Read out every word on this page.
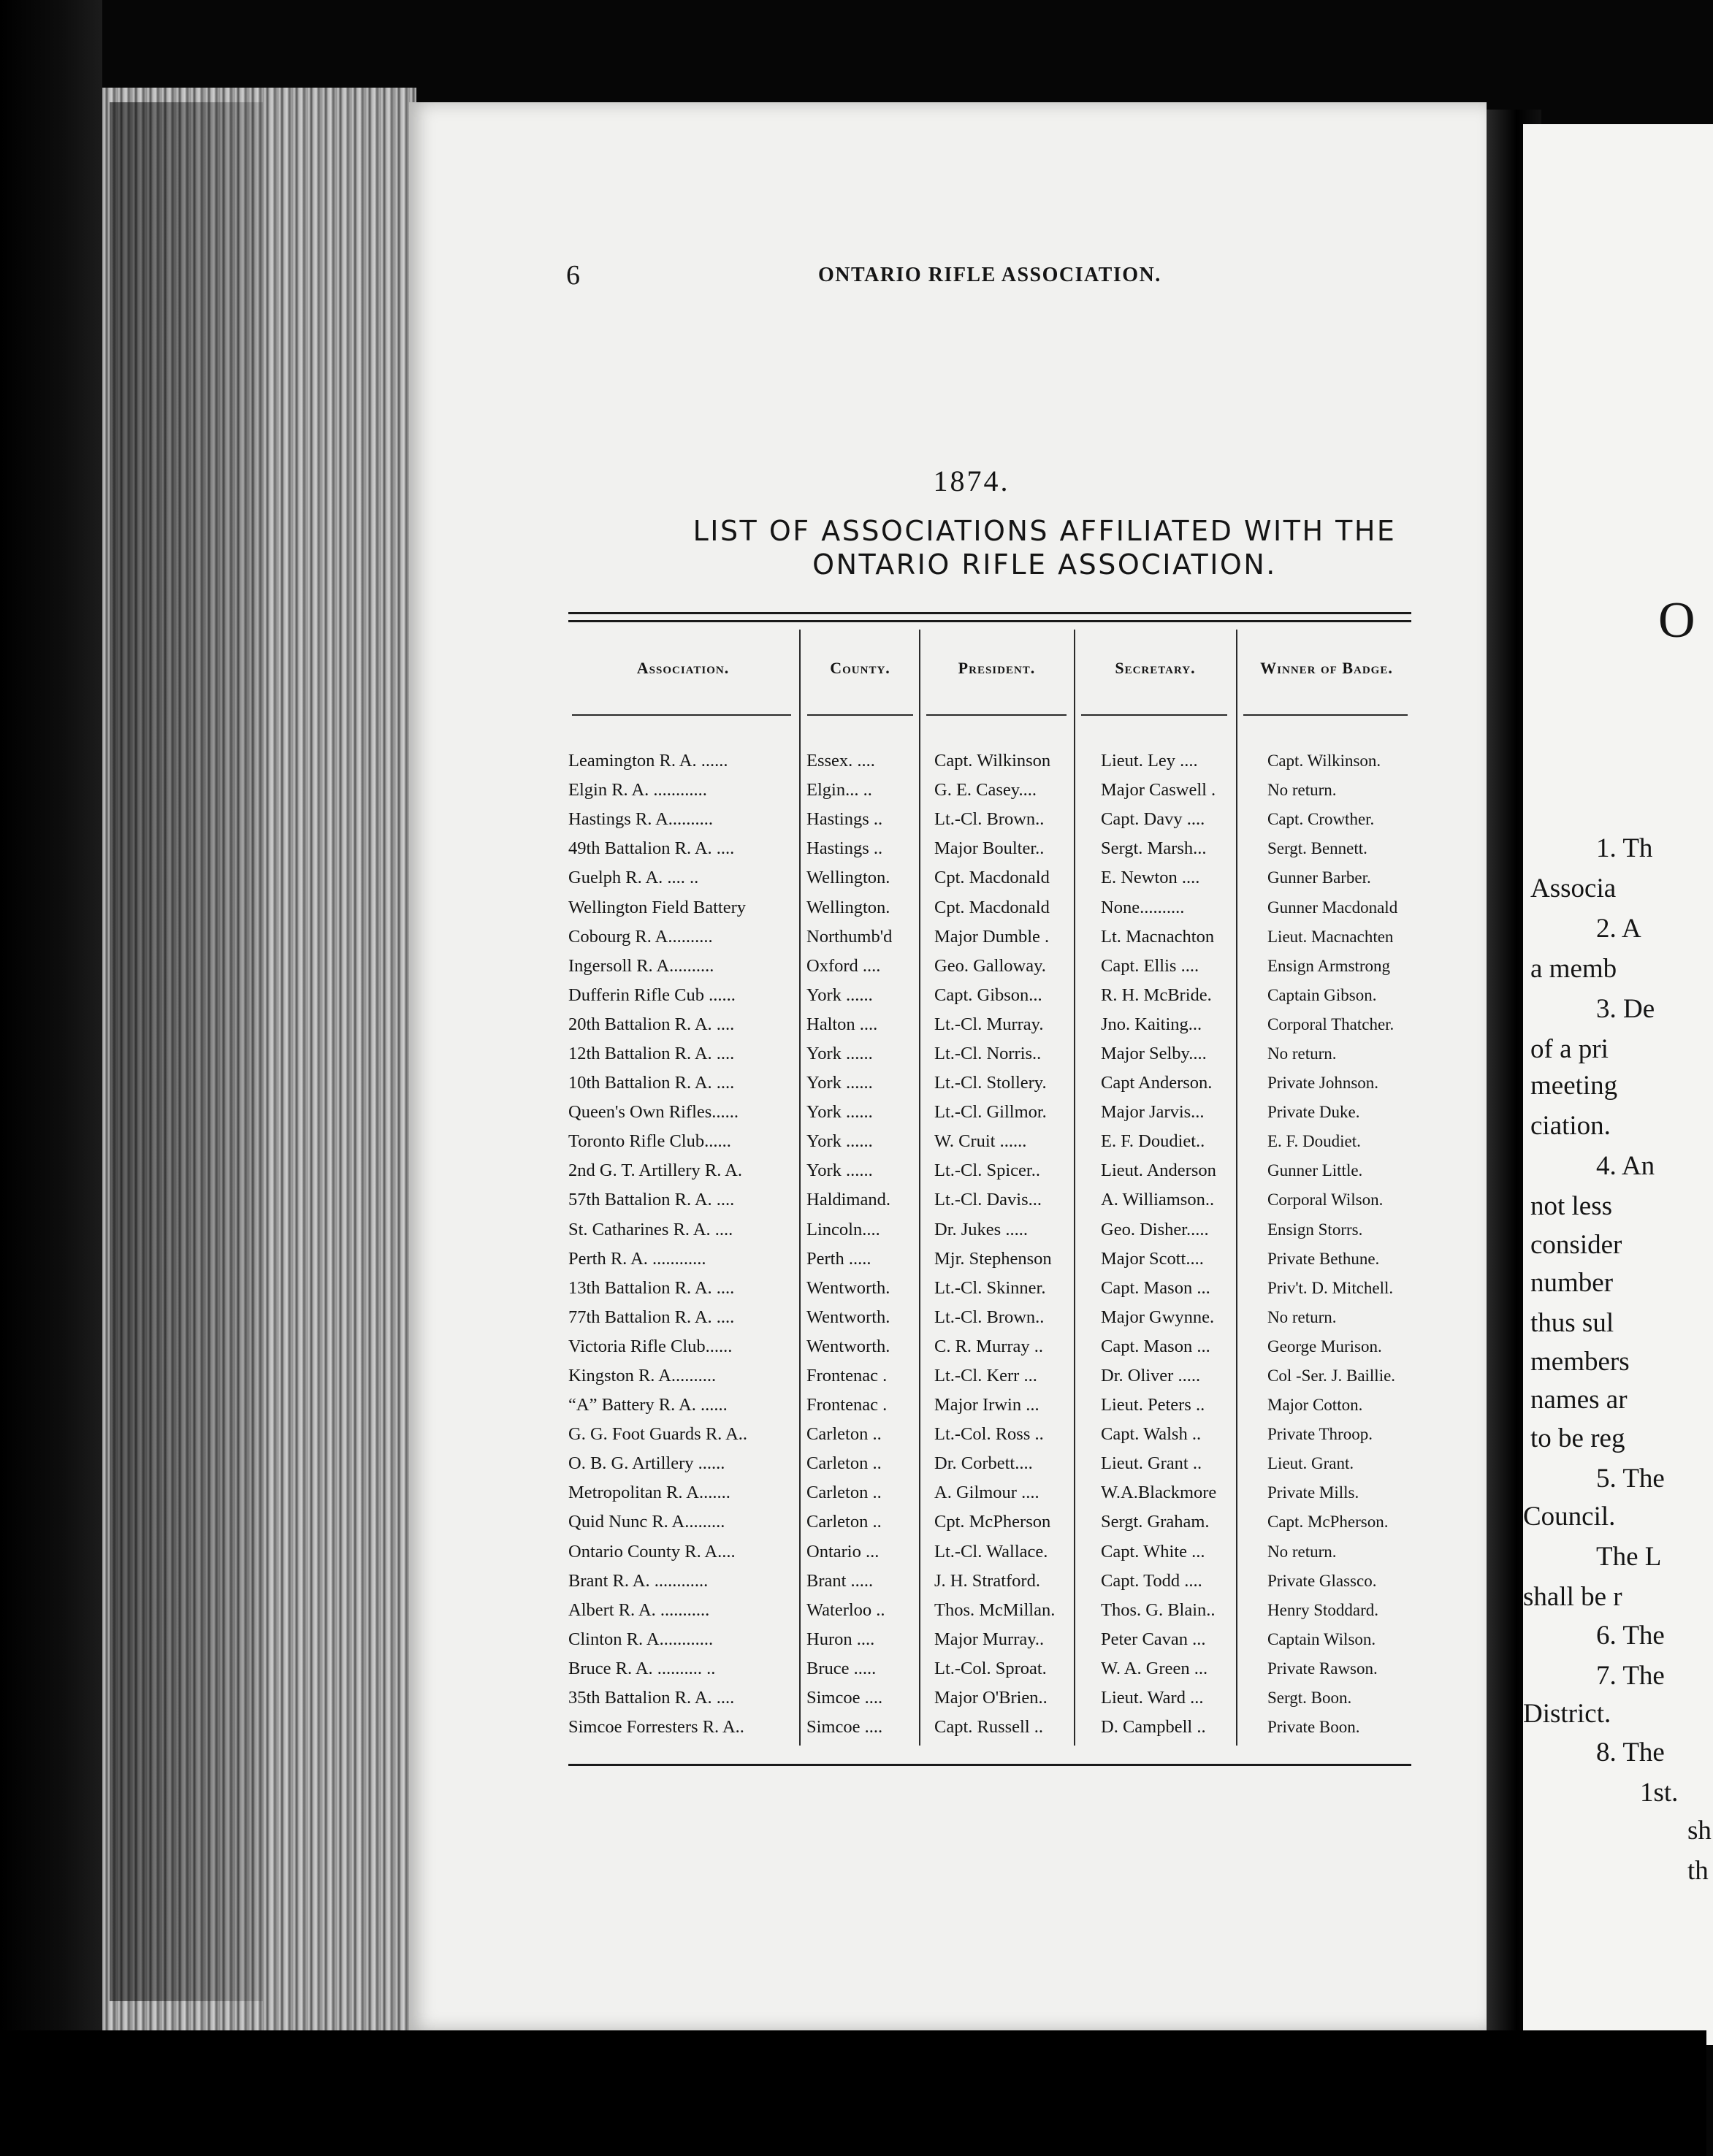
O
1. Th
Associa
2. A
a memb
3. De
of a pri
meeting
ciation.
4. An
not less
consider
number
thus sul
members
names ar
to be reg
5. The
Council.
The L
shall be r
6. The
7. The
District.
8. The
1st.
sh
th
6	ONTARIO RIFLE ASSOCIATION.
1874.
LIST OF ASSOCIATIONS AFFILIATED WITH THE
ONTARIO RIFLE ASSOCIATION.
Association.	County.	President.	Secretary.	Winner of Badge.
Leamington R. A. ......	Essex. ....	Capt. Wilkinson	Lieut. Ley ....	Capt. Wilkinson.
Elgin R. A. ............	Elgin... ..	G. E. Casey....	Major Caswell .	No return.
Hastings R. A..........	Hastings ..	Lt.-Cl. Brown..	Capt. Davy ....	Capt. Crowther.
49th Battalion R. A. ....	Hastings ..	Major Boulter..	Sergt. Marsh...	Sergt. Bennett.
Guelph R. A. .... ..	Wellington.	Cpt. Macdonald	E. Newton ....	Gunner Barber.
Wellington Field Battery	Wellington.	Cpt. Macdonald	None..........	Gunner Macdonald
Cobourg R. A..........	Northumb'd	Major Dumble .	Lt. Macnachton	Lieut. Macnachten
Ingersoll R. A..........	Oxford ....	Geo. Galloway.	Capt. Ellis ....	Ensign Armstrong
Dufferin Rifle Cub ......	York ......	Capt. Gibson...	R. H. McBride.	Captain Gibson.
20th Battalion R. A. ....	Halton ....	Lt.-Cl. Murray.	Jno. Kaiting...	Corporal Thatcher.
12th Battalion R. A. ....	York ......	Lt.-Cl. Norris..	Major Selby....	No return.
10th Battalion R. A. ....	York ......	Lt.-Cl. Stollery.	Capt Anderson.	Private Johnson.
Queen's Own Rifles......	York ......	Lt.-Cl. Gillmor.	Major Jarvis...	Private Duke.
Toronto Rifle Club......	York ......	W. Cruit ......	E. F. Doudiet..	E. F. Doudiet.
2nd G. T. Artillery R. A.	York ......	Lt.-Cl. Spicer..	Lieut. Anderson	Gunner Little.
57th Battalion R. A. ....	Haldimand.	Lt.-Cl. Davis...	A. Williamson..	Corporal Wilson.
St. Catharines R. A. ....	Lincoln....	Dr. Jukes .....	Geo. Disher.....	Ensign Storrs.
Perth R. A. ............	Perth .....	Mjr. Stephenson	Major Scott....	Private Bethune.
13th Battalion R. A. ....	Wentworth.	Lt.-Cl. Skinner.	Capt. Mason ...	Priv't. D. Mitchell.
77th Battalion R. A. ....	Wentworth.	Lt.-Cl. Brown..	Major Gwynne.	No return.
Victoria Rifle Club......	Wentworth.	C. R. Murray ..	Capt. Mason ...	George Murison.
Kingston R. A..........	Frontenac .	Lt.-Cl. Kerr ...	Dr. Oliver .....	Col -Ser. J. Baillie.
“A” Battery R. A. ......	Frontenac .	Major Irwin ...	Lieut. Peters ..	Major Cotton.
G. G. Foot Guards R. A..	Carleton ..	Lt.-Col. Ross ..	Capt. Walsh ..	Private Throop.
O. B. G. Artillery ......	Carleton ..	Dr. Corbett....	Lieut. Grant ..	Lieut. Grant.
Metropolitan R. A.......	Carleton ..	A. Gilmour ....	W.A.Blackmore	Private Mills.
Quid Nunc R. A.........	Carleton ..	Cpt. McPherson	Sergt. Graham.	Capt. McPherson.
Ontario County R. A....	Ontario ...	Lt.-Cl. Wallace.	Capt. White ...	No return.
Brant R. A. ............	Brant .....	J. H. Stratford.	Capt. Todd ....	Private Glassco.
Albert R. A. ...........	Waterloo ..	Thos. McMillan.	Thos. G. Blain..	Henry Stoddard.
Clinton R. A............	Huron ....	Major Murray..	Peter Cavan ...	Captain Wilson.
Bruce R. A. .......... ..	Bruce .....	Lt.-Col. Sproat.	W. A. Green ...	Private Rawson.
35th Battalion R. A. ....	Simcoe ....	Major O'Brien..	Lieut. Ward ...	Sergt. Boon.
Simcoe Forresters R. A..	Simcoe ....	Capt. Russell ..	D. Campbell ..	Private Boon.
